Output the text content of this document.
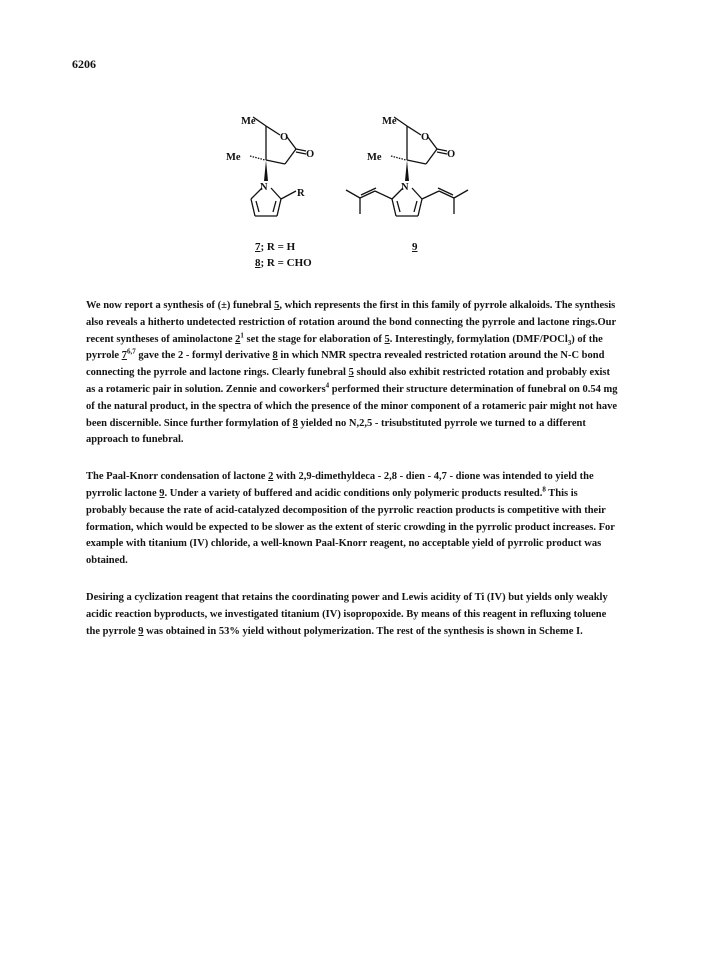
6206
Me
Me
O
O
N
R
Me
Me
O
O
N
7; R = H
8; R = CHO
9

We now report a synthesis of (±) funebral 5, which represents the first in this family of pyrrole alkaloids. The synthesis also reveals a hitherto undetected restriction of rotation around the bond connecting the pyrrole and lactone rings.Our recent syntheses of aminolactone $2^1$ set the stage for elaboration of 5. Interestingly, formylation (DMF/POCl$_3$) of the pyrrole 7$^{6,7}$ gave the 2 - formyl derivative 8 in which NMR spectra revealed restricted rotation around the N-C bond connecting the pyrrole and lactone rings. Clearly funebral 5 should also exhibit restricted rotation and probably exist as a rotameric pair in solution. Zennie and coworkers$^4$ performed their structure determination of funebral on 0.54 mg of the natural product, in the spectra of which the presence of the minor component of a rotameric pair might not have been discernible. Since further formylation of 8 yielded no N,2,5 - trisubstituted pyrrole we turned to a different approach to funebral.

The Paal-Knorr condensation of lactone 2 with 2,9-dimethyldeca - 2,8 - dien - 4,7 - dione was intended to yield the pyrrolic lactone 9. Under a variety of buffered and acidic conditions only polymeric products resulted.$^8$ This is probably because the rate of acid-catalyzed decomposition of the pyrrolic reaction products is competitive with their formation, which would be expected to be slower as the extent of steric crowding in the pyrrolic product increases. For example with titanium (IV) chloride, a well-known Paal-Knorr reagent, no acceptable yield of pyrrolic product was obtained.

Desiring a cyclization reagent that retains the coordinating power and Lewis acidity of Ti (IV) but yields only weakly acidic reaction byproducts, we investigated titanium (IV) isopropoxide. By means of this reagent in refluxing toluene the pyrrole 9 was obtained in 53% yield without polymerization. The rest of the synthesis is shown in Scheme I.
